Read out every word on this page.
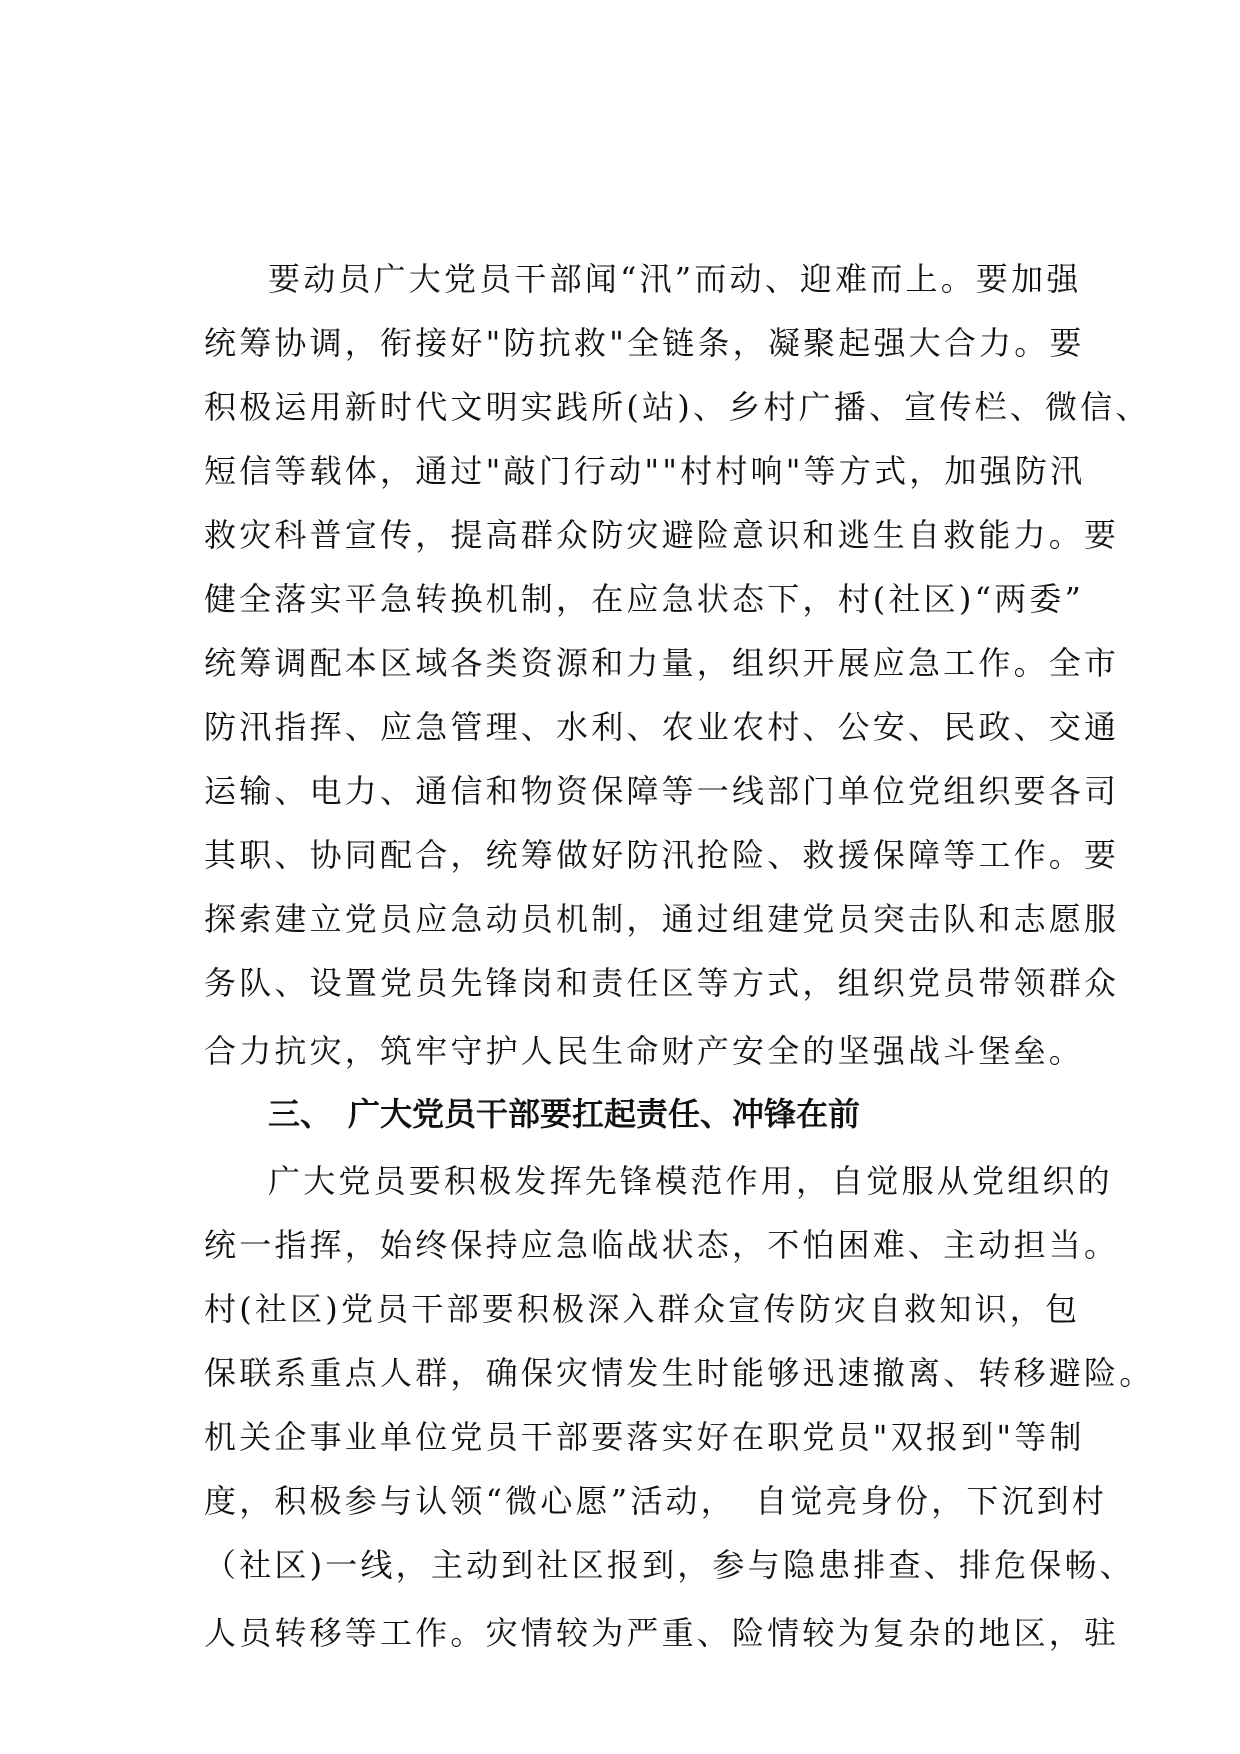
要动员广大党员干部闻“汛”而动、迎难而上。要加强
统筹协调，衔接好"防抗救"全链条，凝聚起强大合力。要
积极运用新时代文明实践所(站)、乡村广播、宣传栏、微信、
短信等载体，通过"敲门行动""村村响"等方式，加强防汛
救灾科普宣传，提高群众防灾避险意识和逃生自救能力。要
健全落实平急转换机制，在应急状态下，村(社区)“两委”
统筹调配本区域各类资源和力量，组织开展应急工作。全市
防汛指挥、应急管理、水利、农业农村、公安、民政、交通
运输、电力、通信和物资保障等一线部门单位党组织要各司
其职、协同配合，统筹做好防汛抢险、救援保障等工作。要
探索建立党员应急动员机制，通过组建党员突击队和志愿服
务队、设置党员先锋岗和责任区等方式，组织党员带领群众
合力抗灾，筑牢守护人民生命财产安全的坚强战斗堡垒。
三、 广大党员干部要扛起责任、冲锋在前
广大党员要积极发挥先锋模范作用，自觉服从党组织的
统一指挥，始终保持应急临战状态，不怕困难、主动担当。
村(社区)党员干部要积极深入群众宣传防灾自救知识，包
保联系重点人群，确保灾情发生时能够迅速撤离、转移避险。
机关企事业单位党员干部要落实好在职党员"双报到"等制
度，积极参与认领“微心愿”活动，　自觉亮身份，下沉到村
（社区)一线，主动到社区报到，参与隐患排查、排危保畅、
人员转移等工作。灾情较为严重、险情较为复杂的地区，驻
